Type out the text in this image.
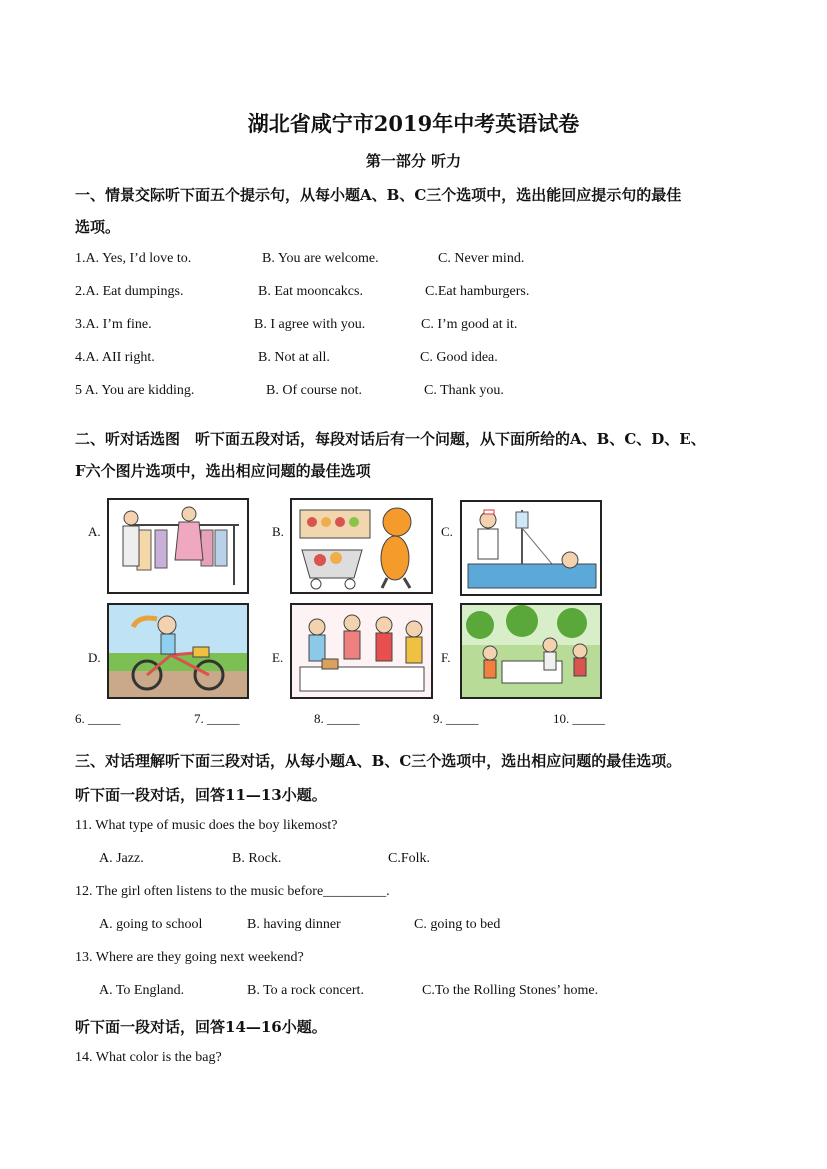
湖北省咸宁市2019年中考英语试卷
第一部分 听力
一、情景交际听下面五个提示句，从每小题A、B、C三个选项中，选出能回应提示句的最佳
选项。
1.A. Yes, I’d love to.	B. You are welcome.	C. Never mind.
2.A. Eat dumpings.	B. Eat mooncakcs.	C.Eat hamburgers.
3.A. I’m fine.	B. I agree with you.	C. I’m good at it.
4.A. AII right.	B. Not at all.	C. Good idea.
5 A. You are kidding.	B. Of course not.	C. Thank you.
二、听对话选图　听下面五段对话，每段对话后有一个问题，从下面所给的A、B、C、D、E、
F六个图片选项中，选出相应问题的最佳选项
A.	B.	C.
D.	E.	F.
6. _____	7. _____	8. _____	9. _____	10. _____
三、对话理解听下面三段对话，从每小题A、B、C三个选项中，选出相应问题的最佳选项。
听下面一段对话，回答11—13小题。
11. What type of music does the boy likemost?
A. Jazz.	B. Rock.	C.Folk.
12. The girl often listens to the music before_________.
A. going to school	B. having dinner	C. going to bed
13. Where are they going next weekend?
A. To England.	B. To a rock concert.	C.To the Rolling Stones’ home.
听下面一段对话，回答14—16小题。
14. What color is the bag?
